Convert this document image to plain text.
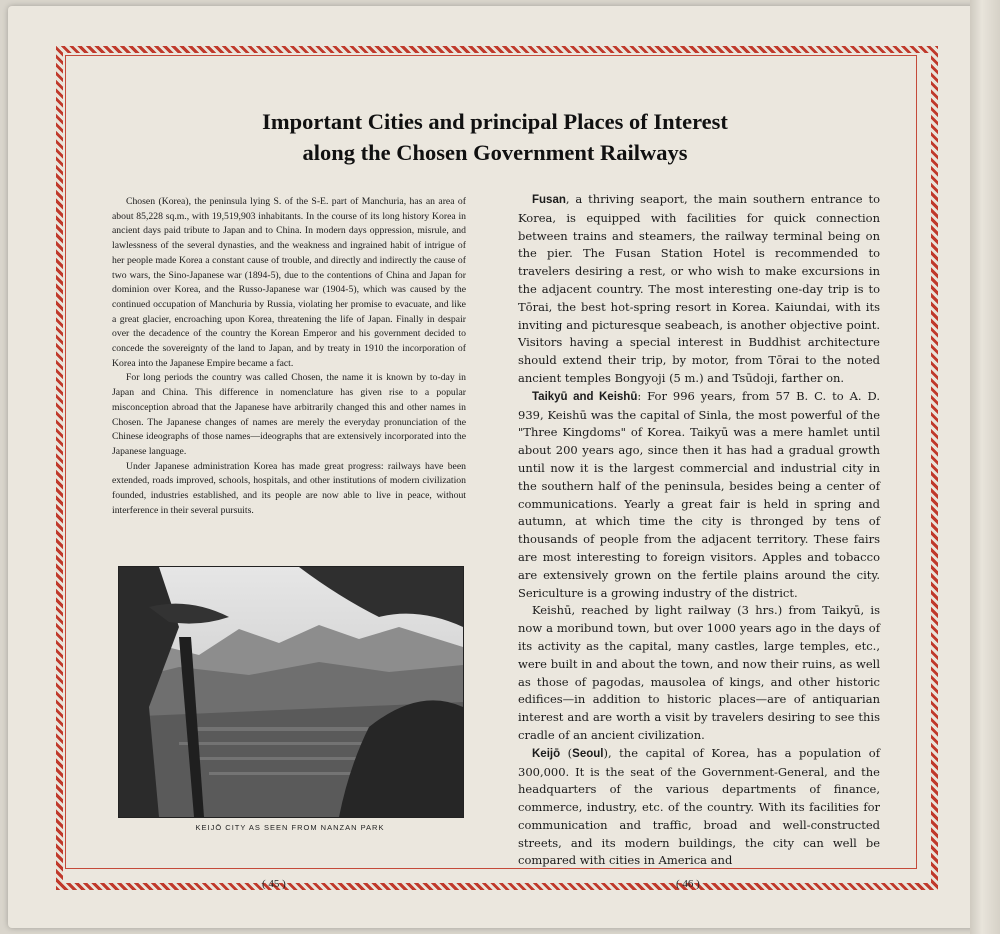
Important Cities and principal Places of Interest
along the Chosen Government Railways

Chosen (Korea), the peninsula lying S. of the S-E. part of Manchuria, has an area of about 85,228 sq.m., with 19,519,903 inhabitants. In the course of its long history Korea in ancient days paid tribute to Japan and to China. In modern days oppression, misrule, and lawlessness of the several dynasties, and the weakness and ingrained habit of intrigue of her people made Korea a constant cause of trouble, and directly and indirectly the cause of two wars, the Sino-Japanese war (1894-5), due to the contentions of China and Japan for dominion over Korea, and the Russo-Japanese war (1904-5), which was caused by the continued occupation of Manchuria by Russia, violating her promise to evacuate, and like a great glacier, encroaching upon Korea, threatening the life of Japan. Finally in despair over the decadence of the country the Korean Emperor and his government decided to concede the sovereignty of the land to Japan, and by treaty in 1910 the incorporation of Korea into the Japanese Empire became a fact.

For long periods the country was called Chosen, the name it is known by to-day in Japan and China. This difference in nomenclature has given rise to a popular misconception abroad that the Japanese have arbitrarily changed this and other names in Chosen. The Japanese changes of names are merely the everyday pronunciation of the Chinese ideographs of those names—ideographs that are extensively incorporated into the Japanese language.

Under Japanese administration Korea has made great progress: railways have been extended, roads improved, schools, hospitals, and other institutions of modern civilization founded, industries established, and its people are now able to live in peace, without interference in their several pursuits.

KEIJŌ CITY AS SEEN FROM NANZAN PARK

Fusan, a thriving seaport, the main southern entrance to Korea, is equipped with facilities for quick connection between trains and steamers, the railway terminal being on the pier. The Fusan Station Hotel is recommended to travelers desiring a rest, or who wish to make excursions in the adjacent country. The most interesting one-day trip is to Tōrai, the best hot-spring resort in Korea. Kaiundai, with its inviting and picturesque seabeach, is another objective point. Visitors having a special interest in Buddhist architecture should extend their trip, by motor, from Tōrai to the noted ancient temples Bongyoji (5 m.) and Tsūdoji, farther on.

Taikyū and Keishū: For 996 years, from 57 B. C. to A. D. 939, Keishū was the capital of Sinla, the most powerful of the "Three Kingdoms" of Korea. Taikyū was a mere hamlet until about 200 years ago, since then it has had a gradual growth until now it is the largest commercial and industrial city in the southern half of the peninsula, besides being a center of communications. Yearly a great fair is held in spring and autumn, at which time the city is thronged by tens of thousands of people from the adjacent territory. These fairs are most interesting to foreign visitors. Apples and tobacco are extensively grown on the fertile plains around the city. Sericulture is a growing industry of the district.

Keishū, reached by light railway (3 hrs.) from Taikyū, is now a moribund town, but over 1000 years ago in the days of its activity as the capital, many castles, large temples, etc., were built in and about the town, and now their ruins, as well as those of pagodas, mausolea of kings, and other historic edifices—in addition to historic places—are of antiquarian interest and are worth a visit by travelers desiring to see this cradle of an ancient civilization.

Keijō (Seoul), the capital of Korea, has a population of 300,000. It is the seat of the Government-General, and the headquarters of the various departments of finance, commerce, industry, etc. of the country. With its facilities for communication and traffic, broad and well-constructed streets, and its modern buildings, the city can well be compared with cities in America and

( 45 )	( 46 )
